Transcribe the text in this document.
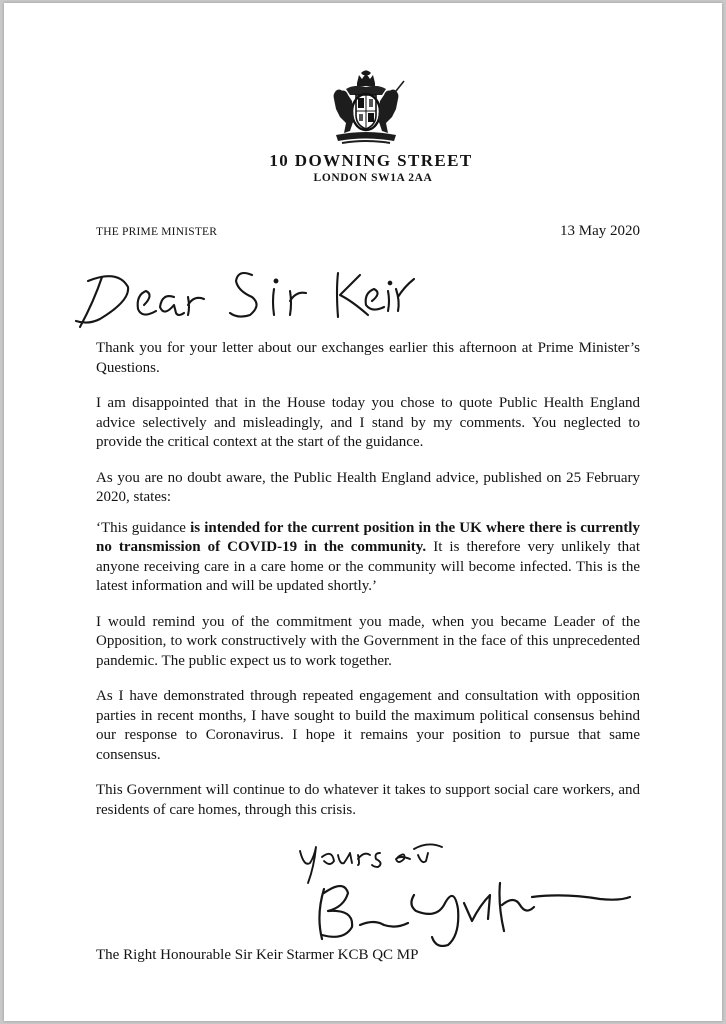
10 DOWNING STREET

LONDON SW1A 2AA

THE PRIME MINISTER	13 May 2020

Thank you for your letter about our exchanges earlier this afternoon at Prime Minister’s Questions.

I am disappointed that in the House today you chose to quote Public Health England advice selectively and misleadingly, and I stand by my comments. You neglected to provide the critical context at the start of the guidance.

As you are no doubt aware, the Public Health England advice, published on 25 February 2020, states:

‘This guidance is intended for the current position in the UK where there is currently no transmission of COVID-19 in the community. It is therefore very unlikely that anyone receiving care in a care home or the community will become infected. This is the latest information and will be updated shortly.’

I would remind you of the commitment you made, when you became Leader of the Opposition, to work constructively with the Government in the face of this unprecedented pandemic. The public expect us to work together.

As I have demonstrated through repeated engagement and consultation with opposition parties in recent months, I have sought to build the maximum political consensus behind our response to Coronavirus. I hope it remains your position to pursue that same consensus.

This Government will continue to do whatever it takes to support social care workers, and residents of care homes, through this crisis.

The Right Honourable Sir Keir Starmer KCB QC MP
